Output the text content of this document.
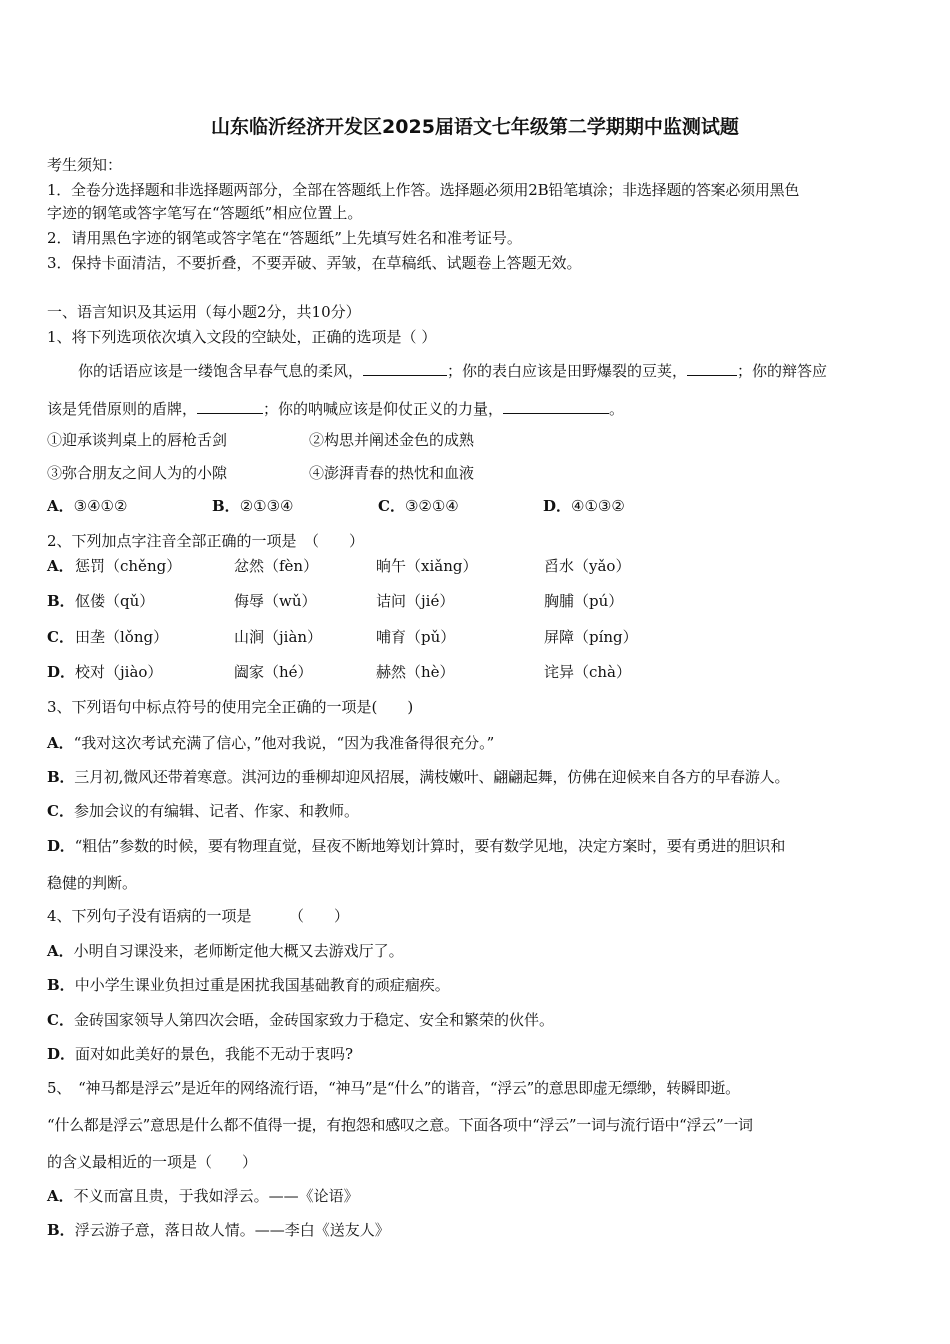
山东临沂经济开发区2025届语文七年级第二学期期中监测试题
考生须知：
1．全卷分选择题和非选择题两部分，全部在答题纸上作答。选择题必须用2B铅笔填涂；非选择题的答案必须用黑色
字迹的钢笔或答字笔写在“答题纸”相应位置上。
2．请用黑色字迹的钢笔或答字笔在“答题纸”上先填写姓名和准考证号。
3．保持卡面清洁，不要折叠，不要弄破、弄皱，在草稿纸、试题卷上答题无效。
一、语言知识及其运用（每小题2分，共10分）
1、将下列选项依次填入文段的空缺处，正确的选项是（ ）
你的话语应该是一缕饱含早春气息的柔风，	；你的表白应该是田野爆裂的豆荚，	；你的辩答应
该是凭借原则的盾牌，	；你的呐喊应该是仰仗正义的力量，	。
①迎承谈判桌上的唇枪舌剑	②构思并阐述金色的成熟
③弥合朋友之间人为的小隙	④澎湃青春的热忱和血液
A．③④①②	B．②①③④	C．③②①④	D．④①③②
2、下列加点字注音全部正确的一项是　（　　）
A． 惩罚（chěng）	忿然（fèn）	晌午（xiǎng）	舀水（yǎo）
B． 伛偻（qǔ）	侮辱（wǔ）	诘问（jié）	胸脯（pú）
C． 田垄（lǒng）	山涧（jiàn）	哺育（pǔ）	屏障（píng）
D． 校对（jiào）	阖家（hé）	赫然（hè）	诧异（chà）
3、下列语句中标点符号的使用完全正确的一项是(　　)
A．“我对这次考试充满了信心，”他对我说，“因为我准备得很充分。”
B．三月初,微风还带着寒意。淇河边的垂柳却迎风招展，满枝嫩叶、翩翩起舞，仿佛在迎候来自各方的早春游人。
C．参加会议的有编辑、记者、作家、和教师。
D．“粗估”参数的时候，要有物理直觉，昼夜不断地筹划计算时，要有数学见地，决定方案时，要有勇进的胆识和
稳健的判断。
4、下列句子没有语病的一项是　　　（　　）
A．小明自习课没来，老师断定他大概又去游戏厅了。
B．中小学生课业负担过重是困扰我国基础教育的顽症痼疾。
C．金砖国家领导人第四次会晤，金砖国家致力于稳定、安全和繁荣的伙伴。
D．面对如此美好的景色，我能不无动于衷吗?
5、　“神马都是浮云”是近年的网络流行语，“神马”是“什么”的谐音，“浮云”的意思即虚无缥缈，转瞬即逝。
“什么都是浮云”意思是什么都不值得一提，有抱怨和感叹之意。下面各项中“浮云”一词与流行语中“浮云”一词
的含义最相近的一项是（　　）
A．不义而富且贵，于我如浮云。——《论语》
B．浮云游子意，落日故人情。——李白《送友人》
